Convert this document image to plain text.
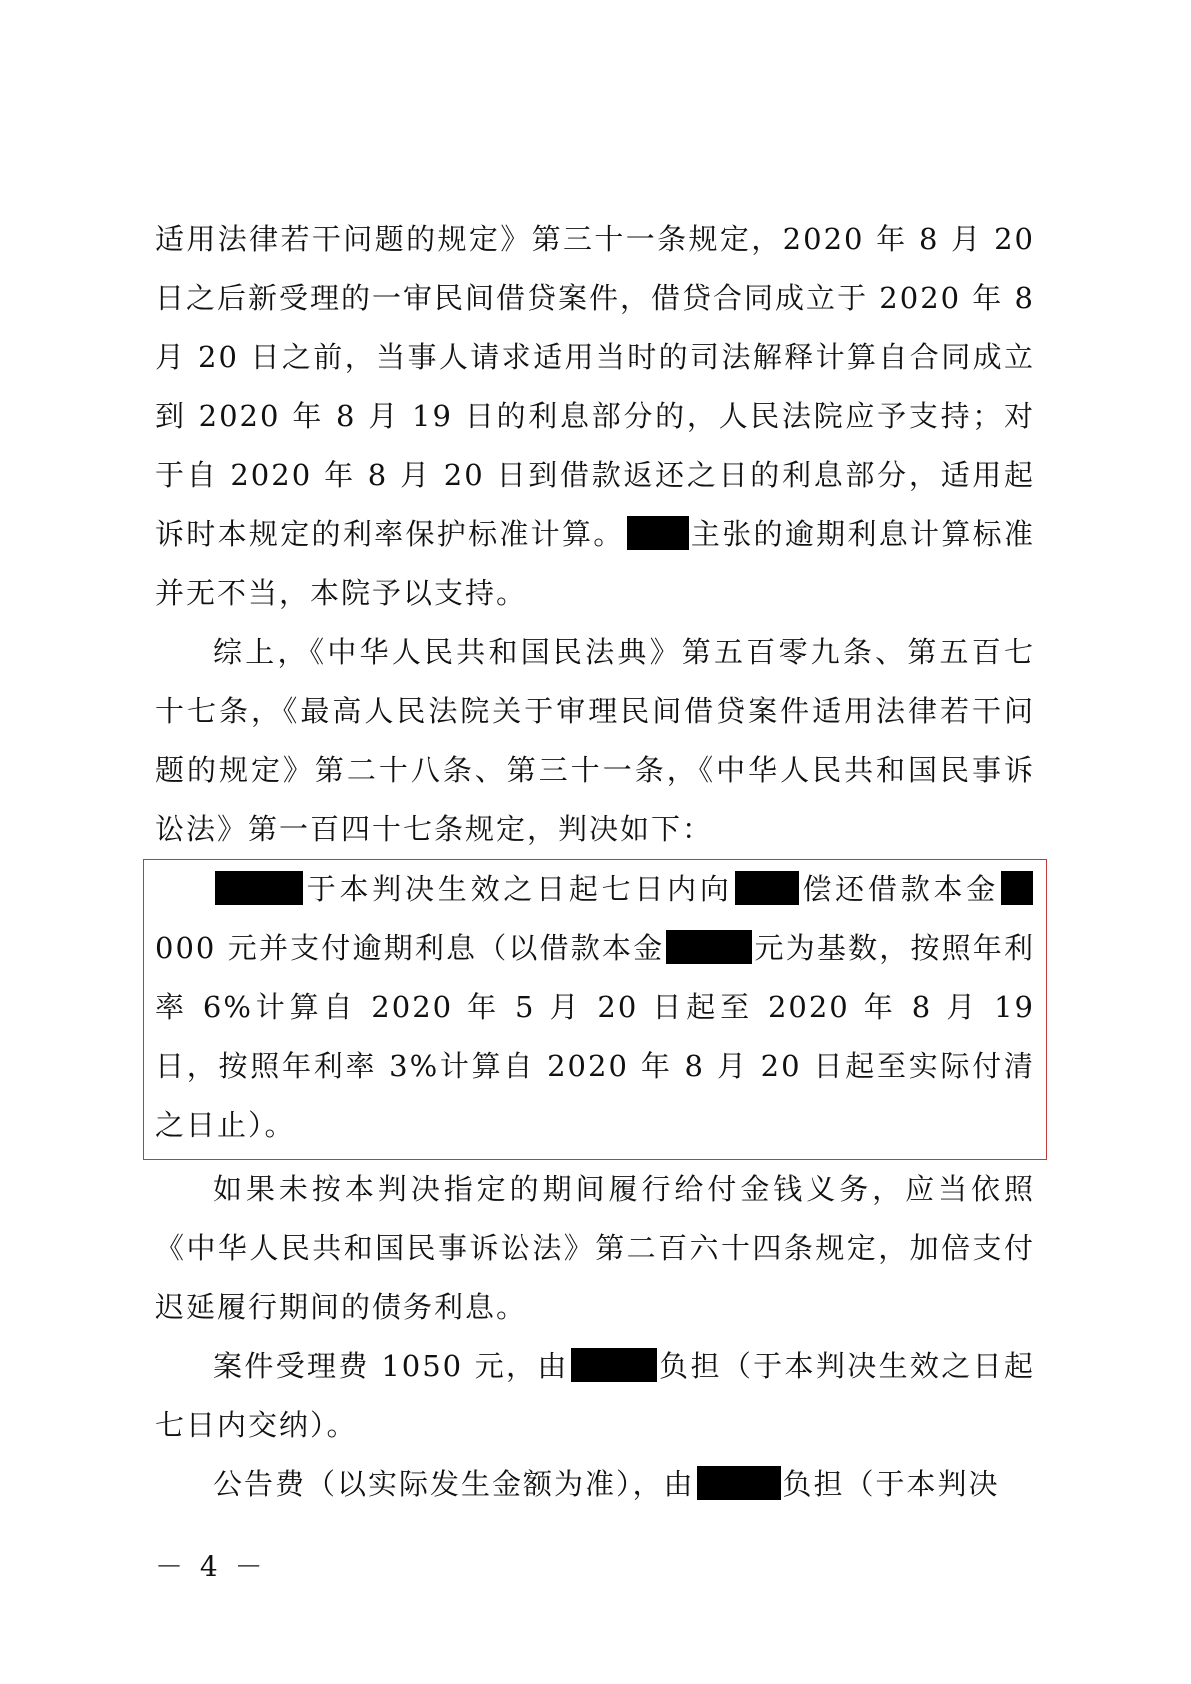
适用法律若干问题的规定》第三十一条规定，2020 年 8 月 20 日之后新受理的一审民间借贷案件，借贷合同成立于 2020 年 8 月 20 日之前，当事人请求适用当时的司法解释计算自合同成立到 2020 年 8 月 19 日的利息部分的，人民法院应予支持；对于自 2020 年 8 月 20 日到借款返还之日的利息部分，适用起诉时本规定的利率保护标准计算。 主张的逾期利息计算标准并无不当，本院予以支持。

综上，《中华人民共和国民法典》第五百零九条、第五百七十七条，《最高人民法院关于审理民间借贷案件适用法律若干问题的规定》第二十八条、第三十一条，《中华人民共和国民事诉讼法》第一百四十七条规定，判决如下：

于本判决生效之日起七日内向 偿还借款本金000 元并支付逾期利息（以借款本金	元为基数，按照年利率 6%计算自 2020 年 5 月 20 日起至 2020 年 8 月 19 日，按照年利率 3%计算自 2020 年 8 月 20 日起至实际付清之日止）。

如果未按本判决指定的期间履行给付金钱义务，应当依照《中华人民共和国民事诉讼法》第二百六十四条规定，加倍支付迟延履行期间的债务利息。

案件受理费 1050 元，由	负担（于本判决生效之日起七日内交纳）。

公告费（以实际发生金额为准），由	负担（于本判决

－ 4 －
